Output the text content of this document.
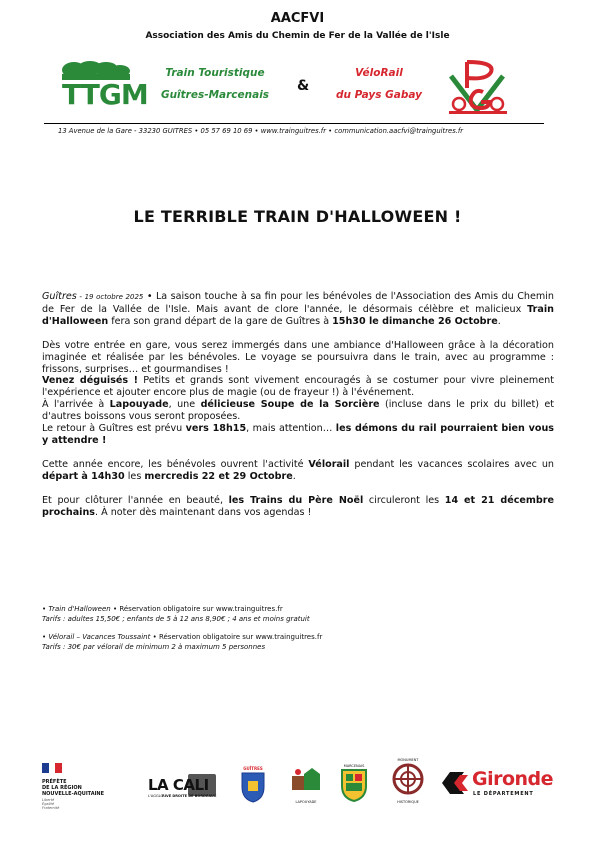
AACFVI
Association des Amis du Chemin de Fer de la Vallée de l'Isle
TTGM
Train Touristique
Guîtres-Marcenais
&
VéloRail
du Pays Gabay
13 Avenue de la Gare - 33230 GUITRES • 05 57 69 10 69 • www.trainguitres.fr • communication.aacfvi@trainguitres.fr
LE TERRIBLE TRAIN D'HALLOWEEN !

Guîtres - 19 octobre 2025 • La saison touche à sa fin pour les bénévoles de l'Association des Amis du Chemin de Fer de la Vallée de l'Isle. Mais avant de clore l'année, le désormais célèbre et malicieux Train d'Halloween fera son grand départ de la gare de Guîtres à 15h30 le dimanche 26 Octobre.

Dès votre entrée en gare, vous serez immergés dans une ambiance d'Halloween grâce à la décoration imaginée et réalisée par les bénévoles. Le voyage se poursuivra dans le train, avec au programme : frissons, surprises… et gourmandises !
Venez déguisés ! Petits et grands sont vivement encouragés à se costumer pour vivre pleinement l'expérience et ajouter encore plus de magie (ou de frayeur !) à l'événement.
À l'arrivée à Lapouyade, une délicieuse Soupe de la Sorcière (incluse dans le prix du billet) et d'autres boissons vous seront proposées.
Le retour à Guîtres est prévu vers 18h15, mais attention… les démons du rail pourraient bien vous y attendre !

Cette année encore, les bénévoles ouvrent l'activité Vélorail pendant les vacances scolaires avec un départ à 14h30 les mercredis 22 et 29 Octobre.

Et pour clôturer l'année en beauté, les Trains du Père Noël circuleront les 14 et 21 décembre prochains. À noter dès maintenant dans vos agendas !

• Train d'Halloween • Réservation obligatoire sur www.trainguitres.fr

Tarifs : adultes 15,50€ ; enfants de 5 à 12 ans 8,90€ ; 4 ans et moins gratuit

• Vélorail – Vacances Toussaint • Réservation obligatoire sur www.trainguitres.fr

Tarifs : 30€ par vélorail de minimum 2 à maximum 5 personnes

PRÉFÈTE
DE LA RÉGION
NOUVELLE-AQUITAINE
Liberté
Égalité
Fraternité
LA CALI
L'AGGLO
RIVE DROITE DE BORDEAUX
GUÎTRES
LAPOUYADE
MARCENAIS
MONUMENT
HISTORIQUE
Gironde
LE DÉPARTEMENT
